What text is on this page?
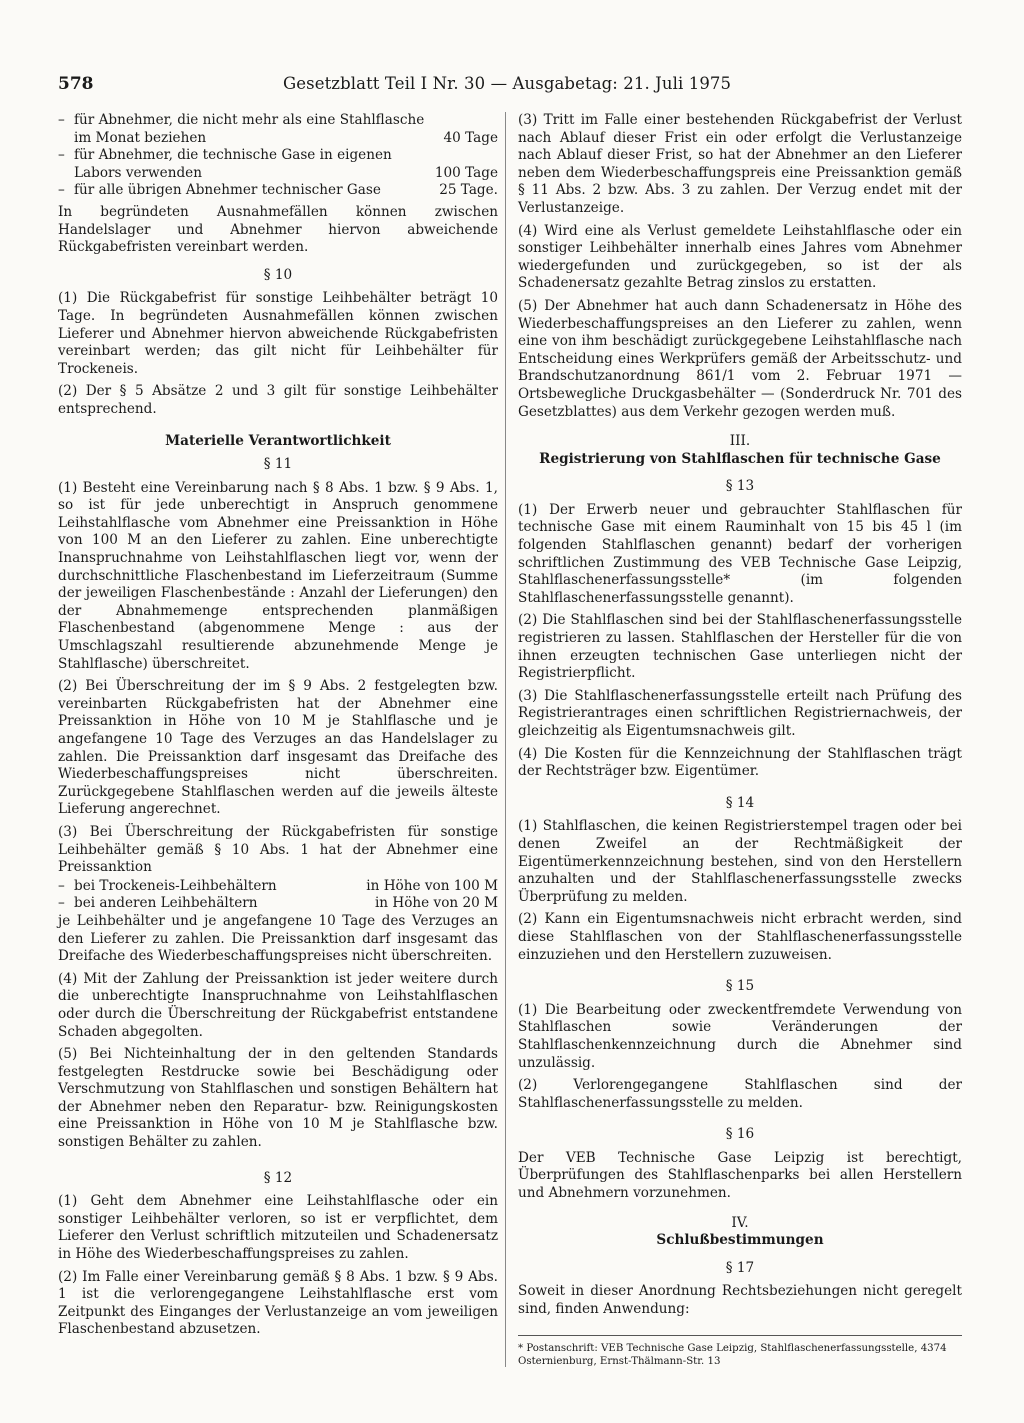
578	Gesetzblatt Teil I Nr. 30 — Ausgabetag: 21. Juli 1975
– für Abnehmer, die nicht mehr als eine Stahlflasche im Monat beziehen	40 Tage
– für Abnehmer, die technische Gase in eigenen Labors verwenden	100 Tage
– für alle übrigen Abnehmer technischer Gase	25 Tage.

In begründeten Ausnahmefällen können zwischen Handelslager und Abnehmer hiervon abweichende Rückgabefristen vereinbart werden.

§ 10

(1) Die Rückgabefrist für sonstige Leihbehälter beträgt 10 Tage. In begründeten Ausnahmefällen können zwischen Lieferer und Abnehmer hiervon abweichende Rückgabefristen vereinbart werden; das gilt nicht für Leihbehälter für Trockeneis.

(2) Der § 5 Absätze 2 und 3 gilt für sonstige Leihbehälter entsprechend.

Materielle Verantwortlichkeit
§ 11

(1) Besteht eine Vereinbarung nach § 8 Abs. 1 bzw. § 9 Abs. 1, so ist für jede unberechtigt in Anspruch genommene Leihstahlflasche vom Abnehmer eine Preissanktion in Höhe von 100 M an den Lieferer zu zahlen. Eine unberechtigte Inanspruchnahme von Leihstahlflaschen liegt vor, wenn der durchschnittliche Flaschenbestand im Lieferzeitraum (Summe der jeweiligen Flaschenbestände : Anzahl der Lieferungen) den der Abnahmemenge entsprechenden planmäßigen Flaschenbestand (abgenommene Menge : aus der Umschlagszahl resultierende abzunehmende Menge je Stahlflasche) überschreitet.

(2) Bei Überschreitung der im § 9 Abs. 2 festgelegten bzw. vereinbarten Rückgabefristen hat der Abnehmer eine Preissanktion in Höhe von 10 M je Stahlflasche und je angefangene 10 Tage des Verzuges an das Handelslager zu zahlen. Die Preissanktion darf insgesamt das Dreifache des Wiederbeschaffungspreises nicht überschreiten. Zurückgegebene Stahlflaschen werden auf die jeweils älteste Lieferung angerechnet.

(3) Bei Überschreitung der Rückgabefristen für sonstige Leihbehälter gemäß § 10 Abs. 1 hat der Abnehmer eine Preissanktion

– bei Trockeneis-Leihbehältern	in Höhe von 100 M
– bei anderen Leihbehältern	in Höhe von 20 M

je Leihbehälter und je angefangene 10 Tage des Verzuges an den Lieferer zu zahlen. Die Preissanktion darf insgesamt das Dreifache des Wiederbeschaffungspreises nicht überschreiten.

(4) Mit der Zahlung der Preissanktion ist jeder weitere durch die unberechtigte Inanspruchnahme von Leihstahlflaschen oder durch die Überschreitung der Rückgabefrist entstandene Schaden abgegolten.

(5) Bei Nichteinhaltung der in den geltenden Standards festgelegten Restdrucke sowie bei Beschädigung oder Verschmutzung von Stahlflaschen und sonstigen Behältern hat der Abnehmer neben den Reparatur- bzw. Reinigungskosten eine Preissanktion in Höhe von 10 M je Stahlflasche bzw. sonstigen Behälter zu zahlen.

§ 12

(1) Geht dem Abnehmer eine Leihstahlflasche oder ein sonstiger Leihbehälter verloren, so ist er verpflichtet, dem Lieferer den Verlust schriftlich mitzuteilen und Schadenersatz in Höhe des Wiederbeschaffungspreises zu zahlen.

(2) Im Falle einer Vereinbarung gemäß § 8 Abs. 1 bzw. § 9 Abs. 1 ist die verlorengegangene Leihstahlflasche erst vom Zeitpunkt des Einganges der Verlustanzeige an vom jeweiligen Flaschenbestand abzusetzen.

(3) Tritt im Falle einer bestehenden Rückgabefrist der Verlust nach Ablauf dieser Frist ein oder erfolgt die Verlustanzeige nach Ablauf dieser Frist, so hat der Abnehmer an den Lieferer neben dem Wiederbeschaffungspreis eine Preissanktion gemäß § 11 Abs. 2 bzw. Abs. 3 zu zahlen. Der Verzug endet mit der Verlustanzeige.

(4) Wird eine als Verlust gemeldete Leihstahlflasche oder ein sonstiger Leihbehälter innerhalb eines Jahres vom Abnehmer wiedergefunden und zurückgegeben, so ist der als Schadenersatz gezahlte Betrag zinslos zu erstatten.

(5) Der Abnehmer hat auch dann Schadenersatz in Höhe des Wiederbeschaffungspreises an den Lieferer zu zahlen, wenn eine von ihm beschädigt zurückgegebene Leihstahlflasche nach Entscheidung eines Werkprüfers gemäß der Arbeitsschutz- und Brandschutzanordnung 861/1 vom 2. Februar 1971 — Ortsbewegliche Druckgasbehälter — (Sonderdruck Nr. 701 des Gesetzblattes) aus dem Verkehr gezogen werden muß.

III.
Registrierung von Stahlflaschen für technische Gase
§ 13

(1) Der Erwerb neuer und gebrauchter Stahlflaschen für technische Gase mit einem Rauminhalt von 15 bis 45 l (im folgenden Stahlflaschen genannt) bedarf der vorherigen schriftlichen Zustimmung des VEB Technische Gase Leipzig, Stahlflaschenerfassungsstelle* (im folgenden Stahlflaschenerfassungsstelle genannt).

(2) Die Stahlflaschen sind bei der Stahlflaschenerfassungsstelle registrieren zu lassen. Stahlflaschen der Hersteller für die von ihnen erzeugten technischen Gase unterliegen nicht der Registrierpflicht.

(3) Die Stahlflaschenerfassungsstelle erteilt nach Prüfung des Registrierantrages einen schriftlichen Registriernachweis, der gleichzeitig als Eigentumsnachweis gilt.

(4) Die Kosten für die Kennzeichnung der Stahlflaschen trägt der Rechtsträger bzw. Eigentümer.

§ 14

(1) Stahlflaschen, die keinen Registrierstempel tragen oder bei denen Zweifel an der Rechtmäßigkeit der Eigentümerkennzeichnung bestehen, sind von den Herstellern anzuhalten und der Stahlflaschenerfassungsstelle zwecks Überprüfung zu melden.

(2) Kann ein Eigentumsnachweis nicht erbracht werden, sind diese Stahlflaschen von der Stahlflaschenerfassungsstelle einzuziehen und den Herstellern zuzuweisen.

§ 15

(1) Die Bearbeitung oder zweckentfremdete Verwendung von Stahlflaschen sowie Veränderungen der Stahlflaschenkennzeichnung durch die Abnehmer sind unzulässig.

(2) Verlorengegangene Stahlflaschen sind der Stahlflaschenerfassungsstelle zu melden.

§ 16

Der VEB Technische Gase Leipzig ist berechtigt, Überprüfungen des Stahlflaschenparks bei allen Herstellern und Abnehmern vorzunehmen.

IV.
Schlußbestimmungen
§ 17

Soweit in dieser Anordnung Rechtsbeziehungen nicht geregelt sind, finden Anwendung:

* Postanschrift: VEB Technische Gase Leipzig, Stahlflaschenerfassungsstelle, 4374 Osternienburg, Ernst-Thälmann-Str. 13
